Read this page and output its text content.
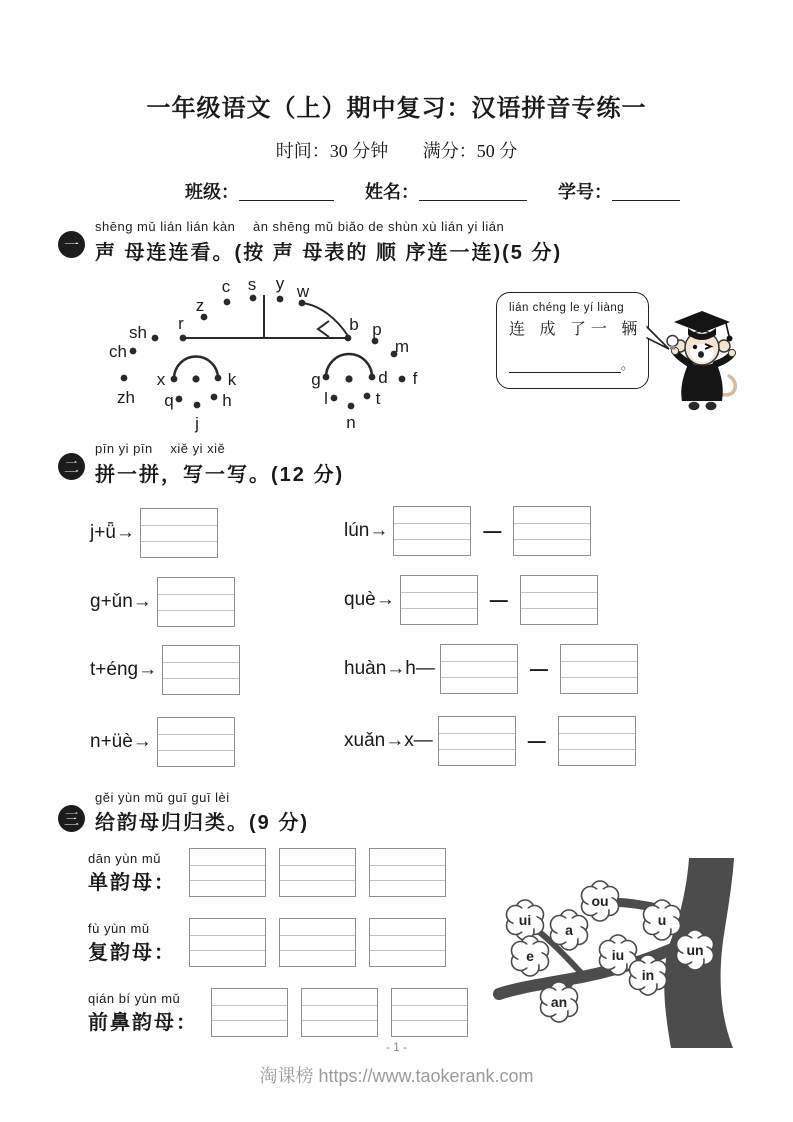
一年级语文（上）期中复习：汉语拼音专练一
时间：30 分钟 满分：50 分
班级：	姓名：	学号：
一
shēng mǔ lián lián kàn　 àn shēng mǔ biǎo de shùn xù lián yi lián
声 母连连看。(按 声 母表的 顺 序连一连)(5 分)
c s y w
z
r
sh
ch
zh
x	k
q	h
j
b p
m
g	d f
l	t
n
lián chéng le yí liàng
连 成 了一 辆
。
二
pīn yi pīn　 xiě yi xiě
拼一拼，写一写。(12 分)
j+ǖ→
g+ǔn→
t+éng→
n+üè→
lún→	—
què→	—
huàn→h—	—
xuǎn→x—	—
三
gěi yùn mǔ guī guī lèi
给韵母归归类。(9 分)
dān yùn mǔ
单韵母：
fù yùn mǔ
复韵母：
qián bí yùn mǔ
前鼻韵母：
ui
ou
u
a
e	iu	un
in
an
- 1 -
淘课榜 https://www.taokerank.com
